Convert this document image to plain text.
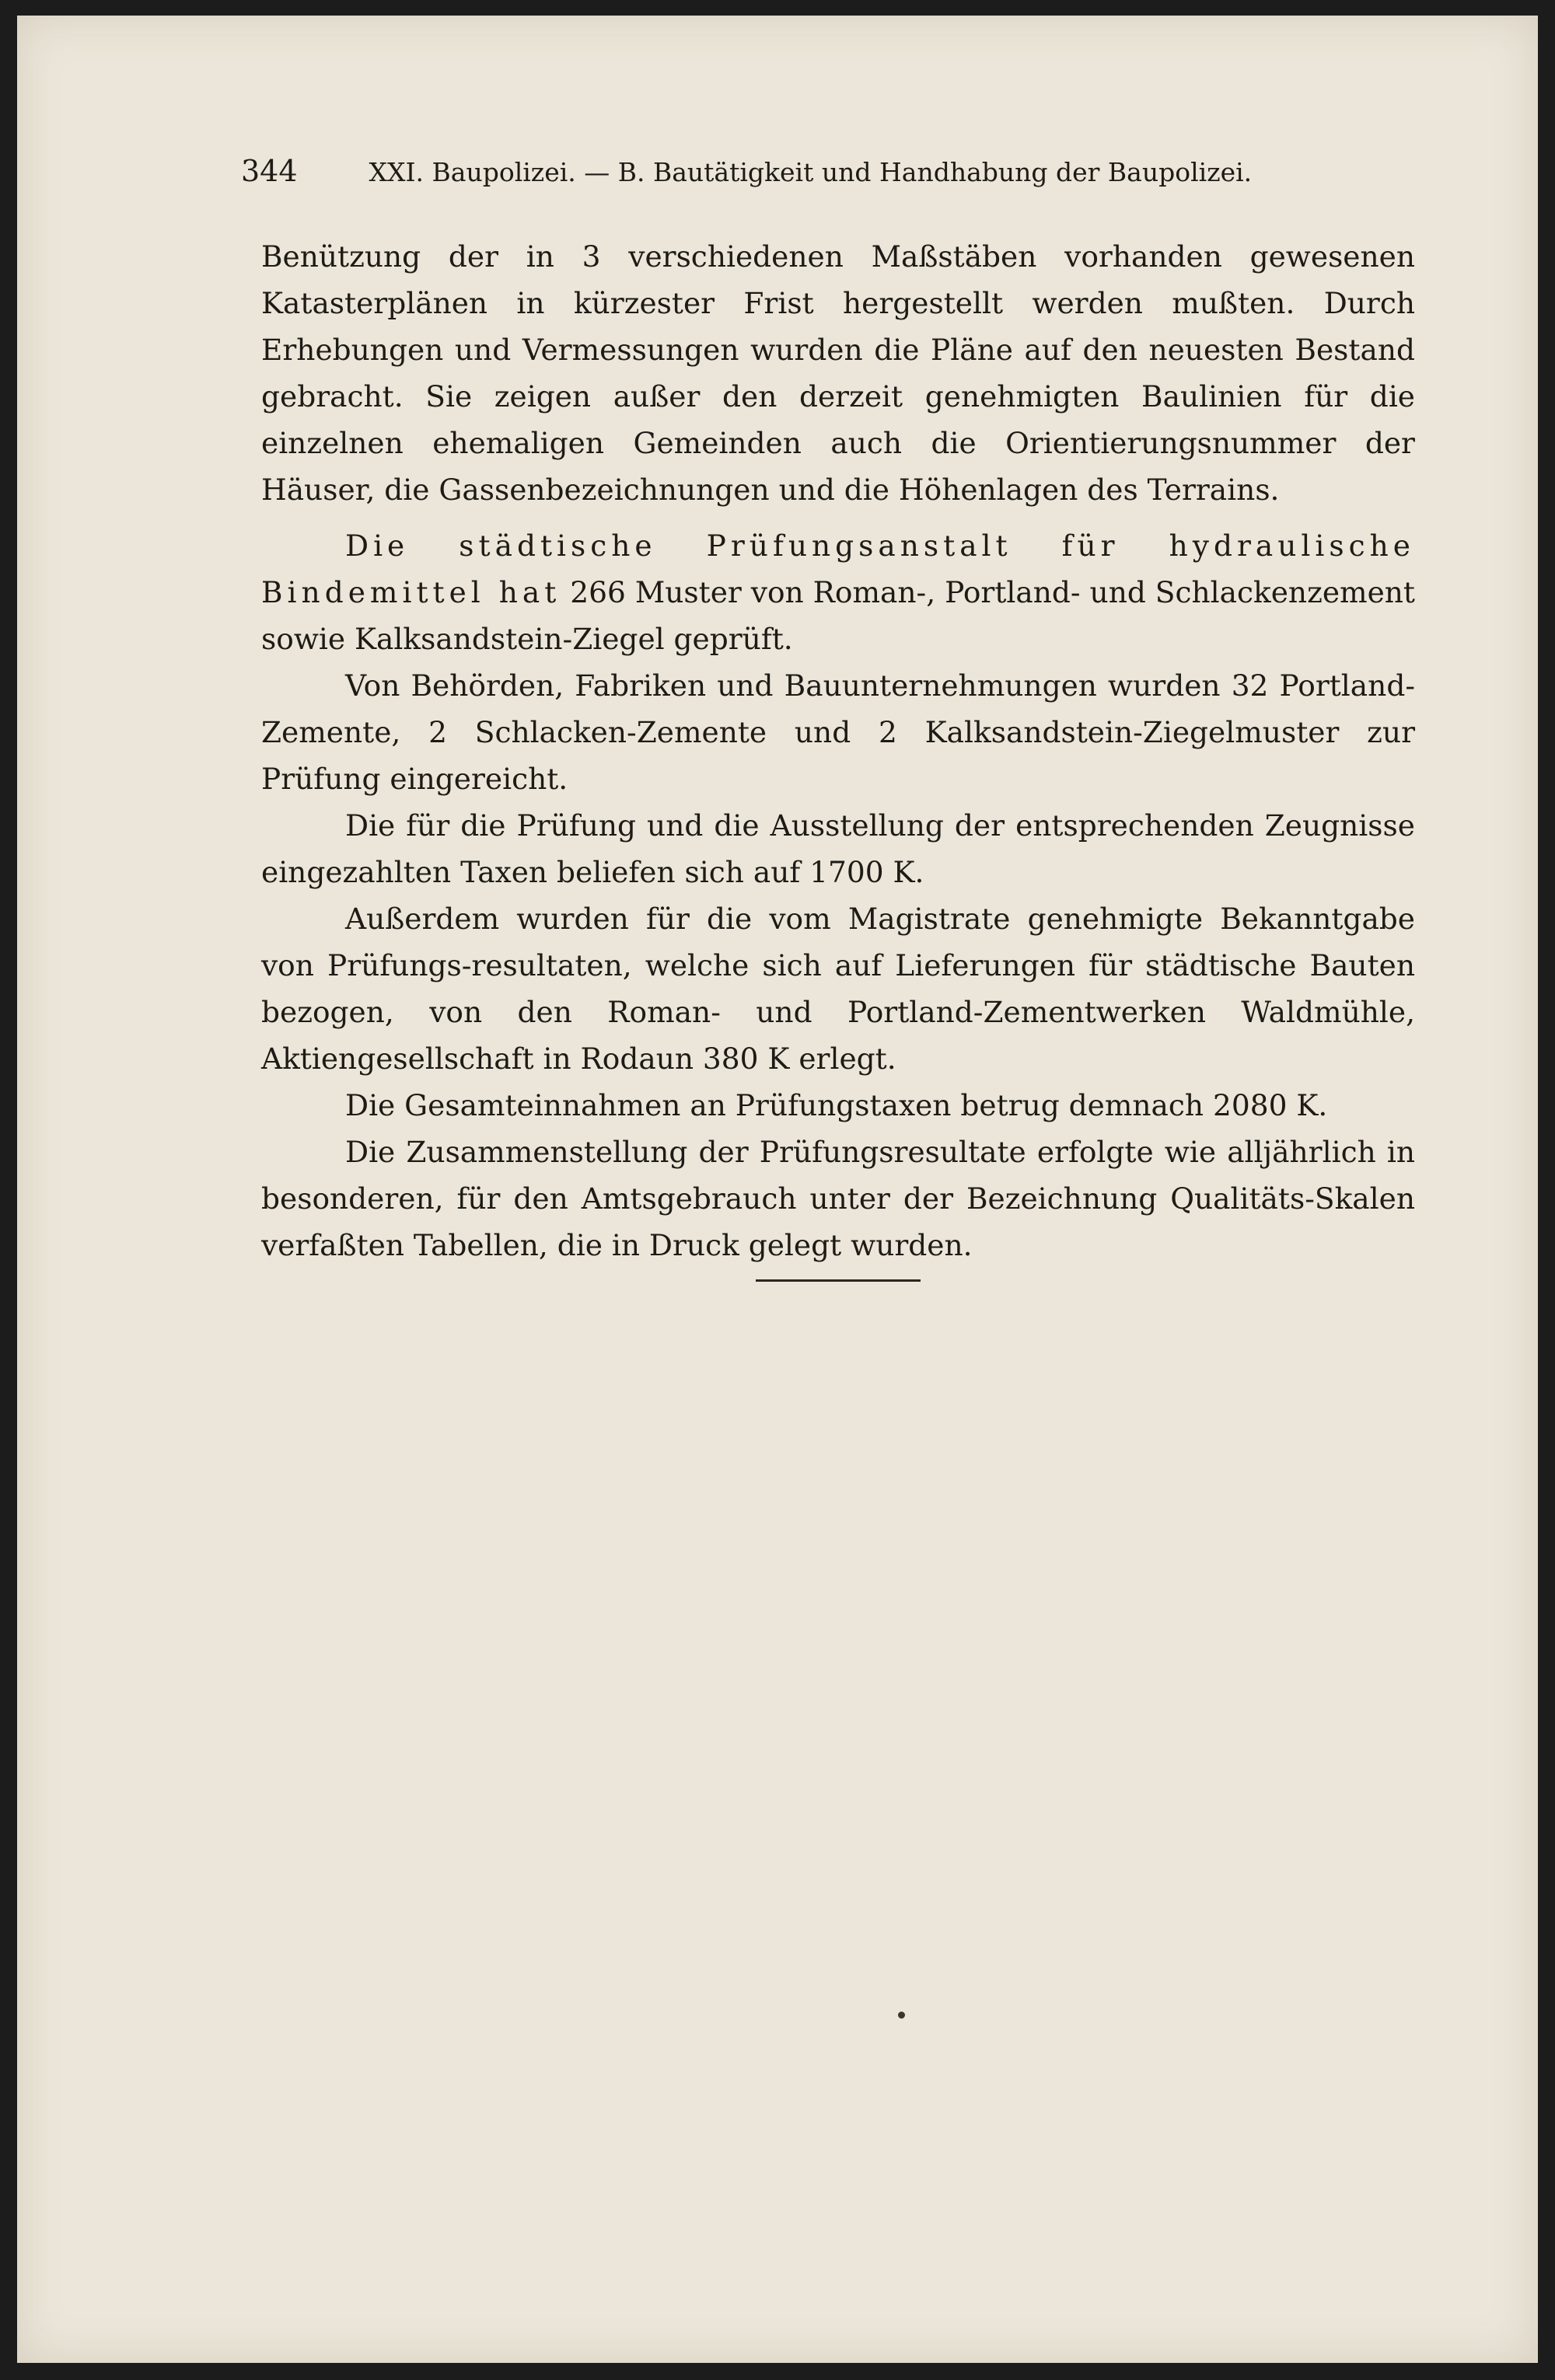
344	XXI. Baupolizei. — B. Bautätigkeit und Handhabung der Baupolizei.

Benützung der in 3 verschiedenen Maßstäben vorhanden gewesenen Katasterplänen in kürzester Frist hergestellt werden mußten. Durch Erhebungen und Vermessungen wurden die Pläne auf den neuesten Bestand gebracht. Sie zeigen außer den derzeit genehmigten Baulinien für die einzelnen ehemaligen Gemeinden auch die Orientierungsnummer der Häuser, die Gassenbezeichnungen und die Höhenlagen des Terrains.

Die städtische Prüfungsanstalt für hydraulische Bindemittel hat 266 Muster von Roman-, Portland- und Schlackenzement sowie Kalksandstein-Ziegel geprüft.

Von Behörden, Fabriken und Bauunternehmungen wurden 32 Portland-Zemente, 2 Schlacken-Zemente und 2 Kalksandstein-Ziegelmuster zur Prüfung eingereicht.

Die für die Prüfung und die Ausstellung der entsprechenden Zeugnisse eingezahlten Taxen beliefen sich auf 1700 K.

Außerdem wurden für die vom Magistrate genehmigte Bekanntgabe von Prüfungs-resultaten, welche sich auf Lieferungen für städtische Bauten bezogen, von den Roman- und Portland-Zementwerken Waldmühle, Aktiengesellschaft in Rodaun 380 K erlegt.

Die Gesamteinnahmen an Prüfungstaxen betrug demnach 2080 K.

Die Zusammenstellung der Prüfungsresultate erfolgte wie alljährlich in besonderen, für den Amtsgebrauch unter der Bezeichnung Qualitäts-Skalen verfaßten Tabellen, die in Druck gelegt wurden.
